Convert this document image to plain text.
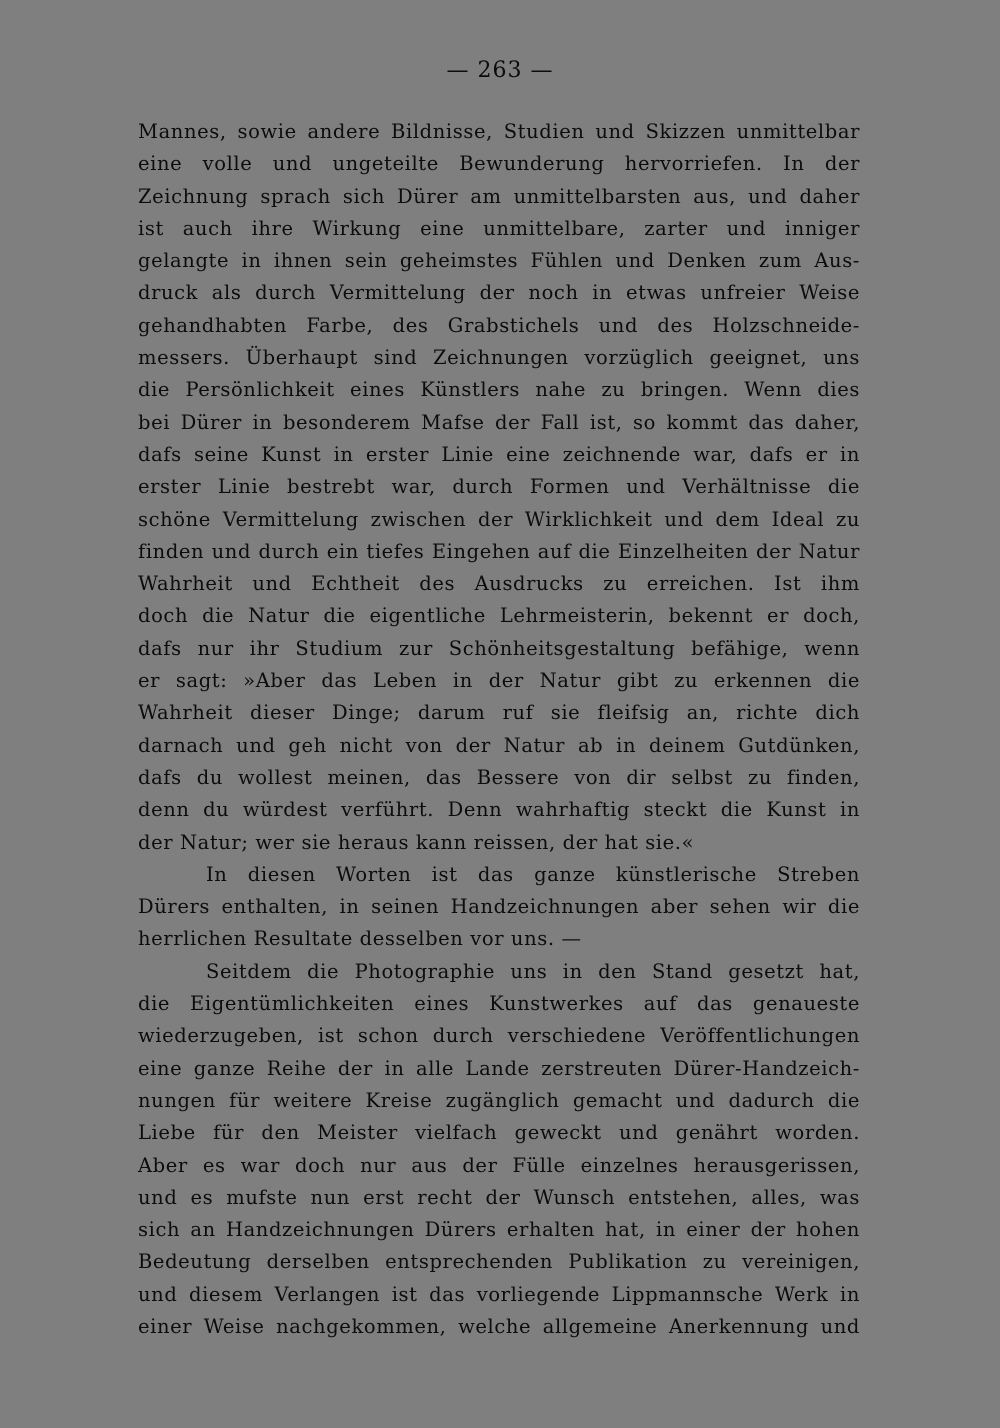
— 263 —
Mannes, sowie andere Bildnisse, Studien und Skizzen unmittelbar
eine volle und ungeteilte Bewunderung hervorriefen. In der
Zeichnung sprach sich Dürer am unmittelbarsten aus, und daher
ist auch ihre Wirkung eine unmittelbare, zarter und inniger
gelangte in ihnen sein geheimstes Fühlen und Denken zum Aus-
druck als durch Vermittelung der noch in etwas unfreier Weise
gehandhabten Farbe, des Grabstichels und des Holzschneide-
messers. Überhaupt sind Zeichnungen vorzüglich geeignet, uns
die Persönlichkeit eines Künstlers nahe zu bringen. Wenn dies
bei Dürer in besonderem Mafse der Fall ist, so kommt das daher,
dafs seine Kunst in erster Linie eine zeichnende war, dafs er in
erster Linie bestrebt war, durch Formen und Verhältnisse die
schöne Vermittelung zwischen der Wirklichkeit und dem Ideal zu
finden und durch ein tiefes Eingehen auf die Einzelheiten der Natur
Wahrheit und Echtheit des Ausdrucks zu erreichen. Ist ihm
doch die Natur die eigentliche Lehrmeisterin, bekennt er doch,
dafs nur ihr Studium zur Schönheitsgestaltung befähige, wenn
er sagt: »Aber das Leben in der Natur gibt zu erkennen die
Wahrheit dieser Dinge; darum ruf sie fleifsig an, richte dich
darnach und geh nicht von der Natur ab in deinem Gutdünken,
dafs du wollest meinen, das Bessere von dir selbst zu finden,
denn du würdest verführt. Denn wahrhaftig steckt die Kunst in
der Natur; wer sie heraus kann reissen, der hat sie.«
In diesen Worten ist das ganze künstlerische Streben
Dürers enthalten, in seinen Handzeichnungen aber sehen wir die
herrlichen Resultate desselben vor uns. —
Seitdem die Photographie uns in den Stand gesetzt hat,
die Eigentümlichkeiten eines Kunstwerkes auf das genaueste
wiederzugeben, ist schon durch verschiedene Veröffentlichungen
eine ganze Reihe der in alle Lande zerstreuten Dürer-Handzeich-
nungen für weitere Kreise zugänglich gemacht und dadurch die
Liebe für den Meister vielfach geweckt und genährt worden.
Aber es war doch nur aus der Fülle einzelnes herausgerissen,
und es mufste nun erst recht der Wunsch entstehen, alles, was
sich an Handzeichnungen Dürers erhalten hat, in einer der hohen
Bedeutung derselben entsprechenden Publikation zu vereinigen,
und diesem Verlangen ist das vorliegende Lippmannsche Werk in
einer Weise nachgekommen, welche allgemeine Anerkennung und
